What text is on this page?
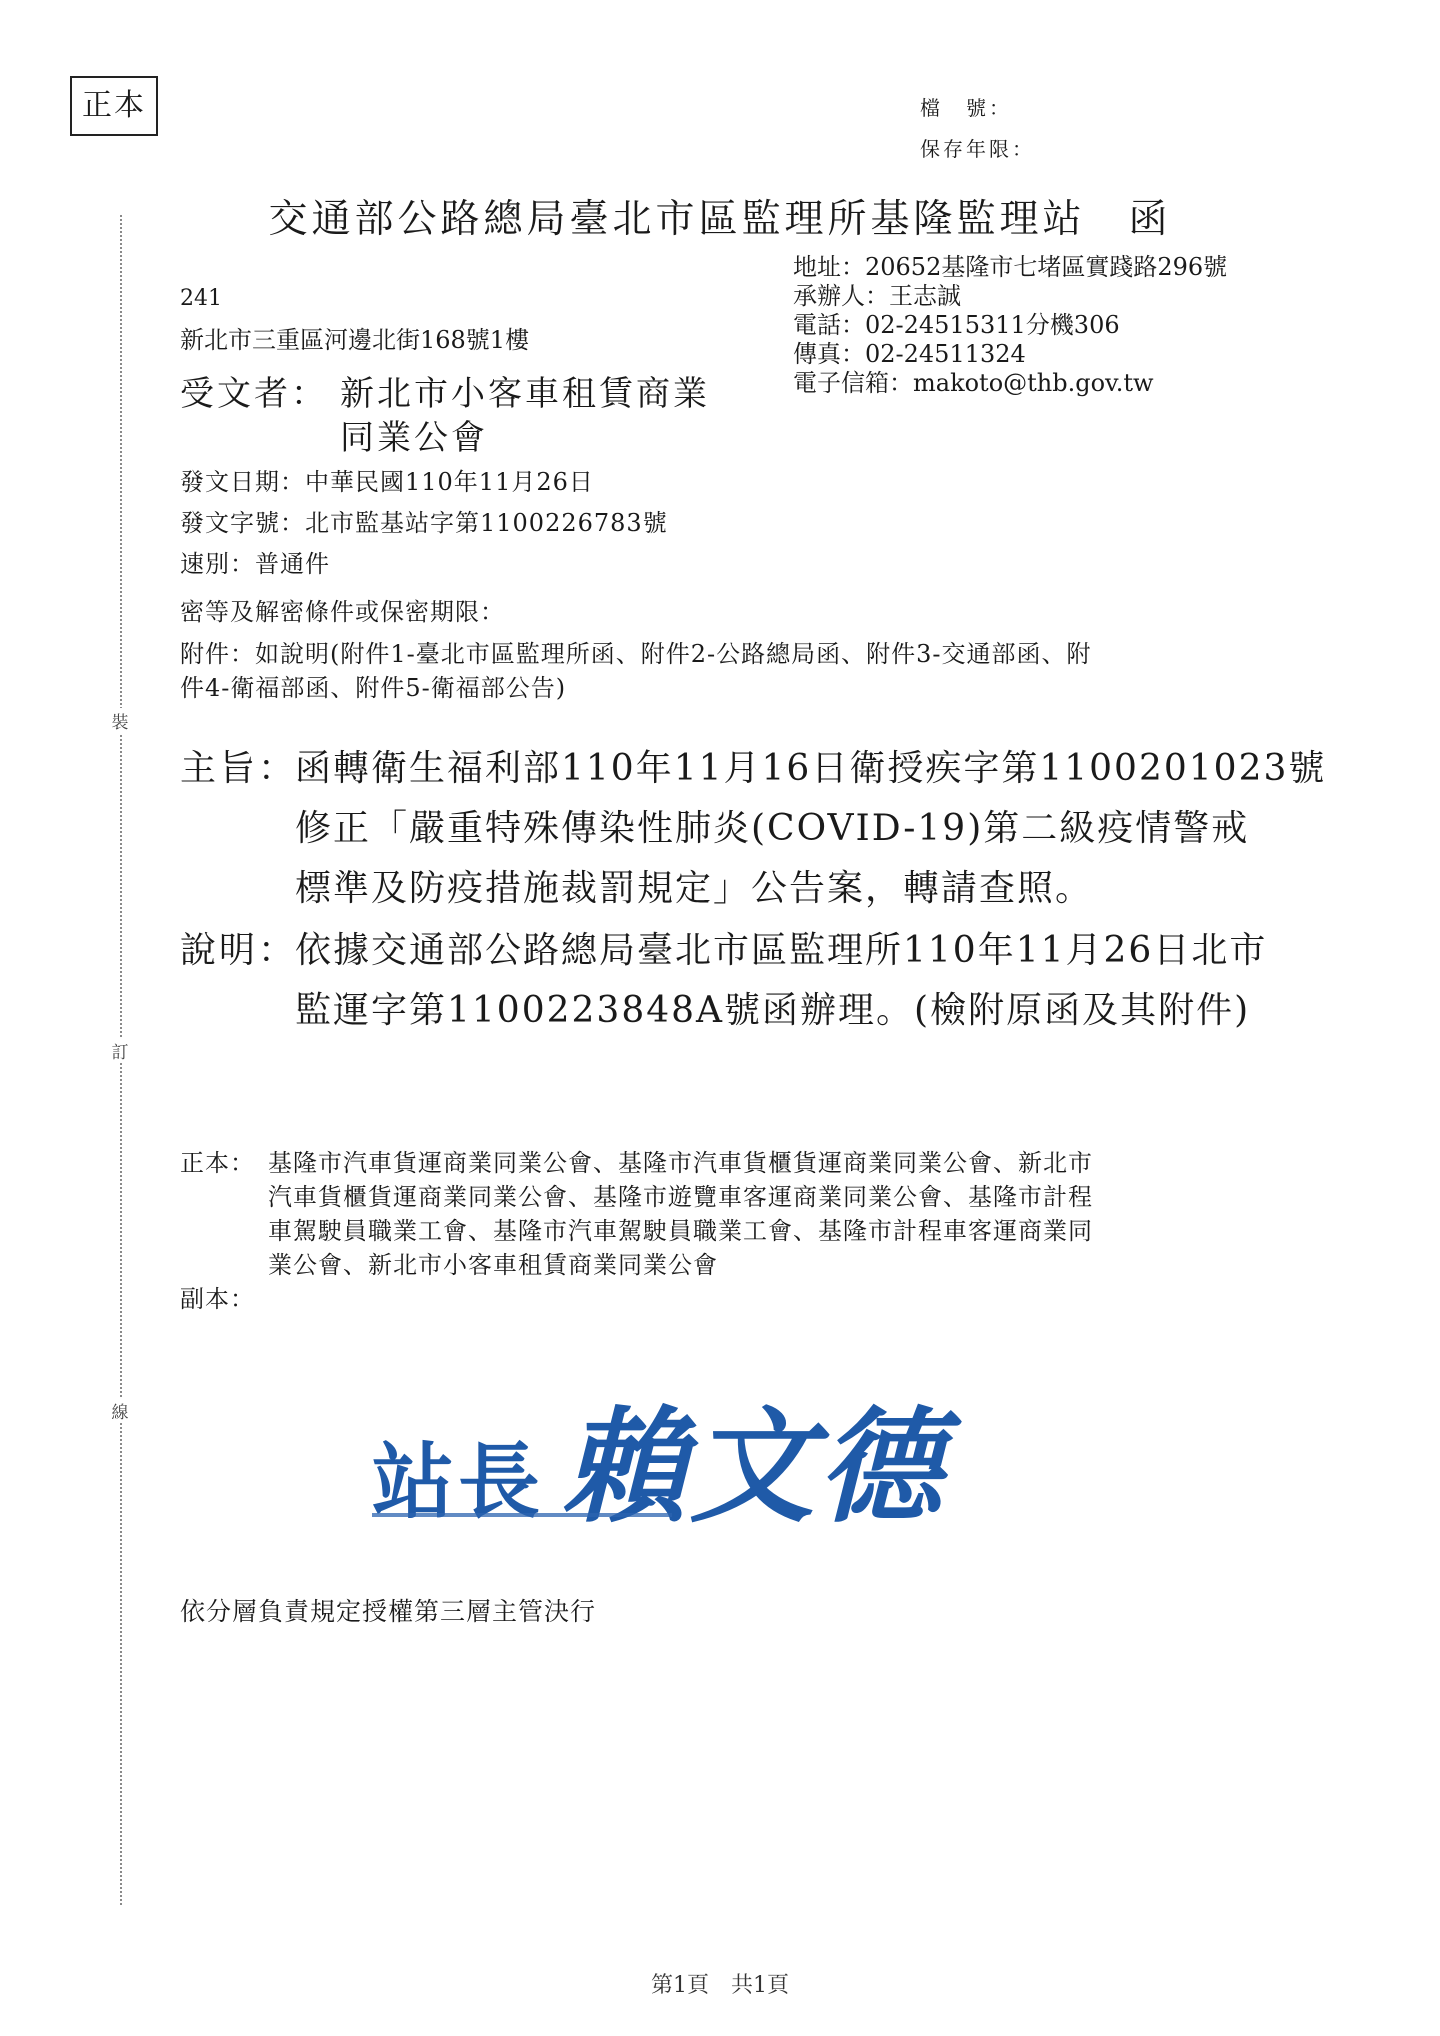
正本	檔　號：
保存年限：
交通部公路總局臺北市區監理所基隆監理站　函
地址：20652基隆市七堵區實踐路296號
承辦人：王志誠
電話：02-24515311分機306
傳真：02-24511324
電子信箱：makoto@thb.gov.tw
241
新北市三重區河邊北街168號1樓
受文者： 新北市小客車租賃商業
同業公會
發文日期：中華民國110年11月26日
發文字號：北市監基站字第1100226783號
速別：普通件
密等及解密條件或保密期限：
附件：如說明(附件1-臺北市區監理所函、附件2-公路總局函、附件3-交通部函、附
件4-衛福部函、附件5-衛福部公告)
主旨：
函轉衛生福利部110年11月16日衛授疾字第1100201023號
修正「嚴重特殊傳染性肺炎(COVID-19)第二級疫情警戒
標準及防疫措施裁罰規定」公告案，轉請查照。
說明：
依據交通部公路總局臺北市區監理所110年11月26日北市
監運字第1100223848A號函辦理。(檢附原函及其附件)
正本： 基隆市汽車貨運商業同業公會、基隆市汽車貨櫃貨運商業同業公會、新北市
汽車貨櫃貨運商業同業公會、基隆市遊覽車客運商業同業公會、基隆市計程
車駕駛員職業工會、基隆市汽車駕駛員職業工會、基隆市計程車客運商業同
業公會、新北市小客車租賃商業同業公會
副本：
裝
訂
線
站長 賴文德
依分層負責規定授權第三層主管決行
第1頁　共1頁
